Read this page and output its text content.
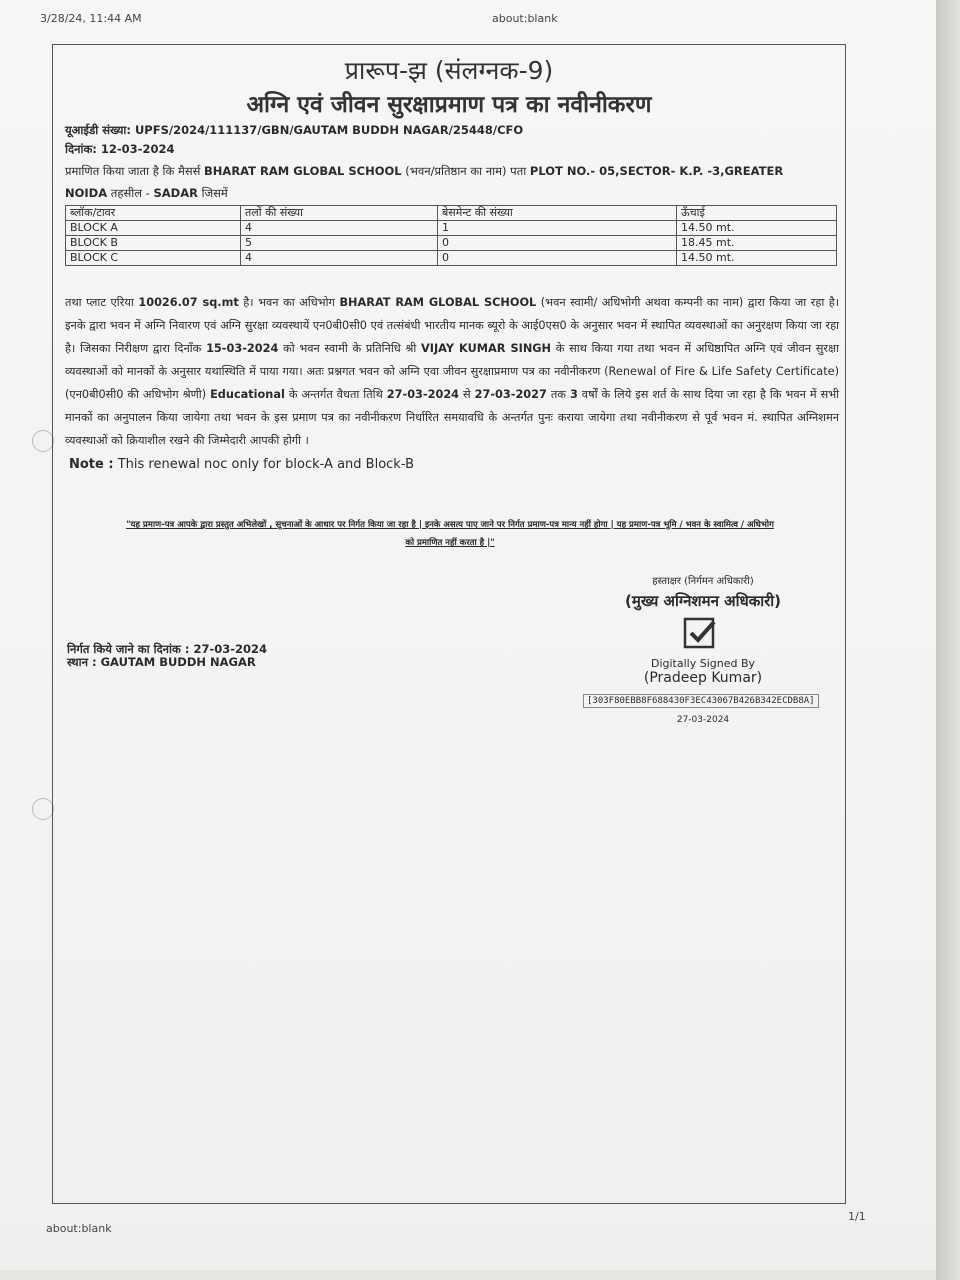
3/28/24, 11:44 AM	about:blank
about:blank
1/1
प्रारूप-झ (संलग्नक-9)
अग्नि एवं जीवन सुरक्षाप्रमाण पत्र का नवीनीकरण
यूआईडी संख्या: UPFS/2024/111137/GBN/GAUTAM BUDDH NAGAR/25448/CFO
दिनांक: 12-03-2024
प्रमाणित किया जाता है कि मैसर्स BHARAT RAM GLOBAL SCHOOL (भवन/प्रतिष्ठान का नाम) पता PLOT NO.- 05,SECTOR- K.P. -3,GREATER
NOIDA तहसील - SADAR जिसमें
ब्लॉक/टावर	तलों की संख्या	बेसमेन्ट की संख्या	ऊँचाई
BLOCK A	4	1	14.50 mt.
BLOCK B	5	0	18.45 mt.
BLOCK C	4	0	14.50 mt.
तथा प्लाट एरिया 10026.07 sq.mt है। भवन का अधिभोग BHARAT RAM GLOBAL SCHOOL (भवन स्वामी/ अधिभोगी अथवा कम्पनी का नाम) द्वारा किया जा रहा है। इनके द्वारा भवन में अग्नि निवारण एवं अग्नि सुरक्षा व्यवस्थायें एन0बी0सी0 एवं तत्संबंधी भारतीय मानक ब्यूरो के आई0एस0 के अनुसार भवन में स्थापित व्यवस्थाओं का अनुरक्षण किया जा रहा है। जिसका निरीक्षण द्वारा दिनाँक 15-03-2024 को भवन स्वामी के प्रतिनिधि श्री VIJAY KUMAR SINGH के साथ किया गया तथा भवन में अधिष्ठापित अग्नि एवं जीवन सुरक्षा व्यवस्थाओं को मानकों के अनुसार यथास्थिति में पाया गया। अतः प्रश्नगत भवन को अग्नि एवा जीवन सुरक्षाप्रमाण पत्र का नवीनीकरण (Renewal of Fire & Life Safety Certificate)(एन0बी0सी0 की अधिभोग श्रेणी) Educational के अन्तर्गत वैधता तिथि 27-03-2024 से 27-03-2027 तक 3 वर्षों के लिये इस शर्त के साथ दिया जा रहा है कि भवन में सभी मानकों का अनुपालन किया जायेगा तथा भवन के इस प्रमाण पत्र का नवीनीकरण निर्धारित समयावधि के अन्तर्गत पुनः कराया जायेगा तथा नवीनीकरण से पूर्व भवन मं. स्थापित अग्निशमन व्यवस्थाओं को क्रियाशील रखने की जिम्मेदारी आपकी होगी ।
Note : This renewal noc only for block-A and Block-B
"यह प्रमाण-पत्र आपके द्वारा प्रस्तुत अभिलेखों , सूचनाओं के आधार पर निर्गत किया जा रहा है | इनके असत्य पाए जाने पर निर्गत प्रमाण-पत्र मान्य नहीं होगा | यह प्रमाण-पत्र भूमि / भवन के स्वामित्व / अधिभोग
को प्रमाणित नहीं करता है |"
हस्ताक्षर (निर्गमन अधिकारी)
(मुख्य अग्निशमन अधिकारी)
Digitally Signed By
(Pradeep Kumar)
[303F80EBB8F688430F3EC43067B426B342ECDB8A]
27-03-2024
निर्गत किये जाने का दिनांक : 27-03-2024
स्थान : GAUTAM BUDDH NAGAR
